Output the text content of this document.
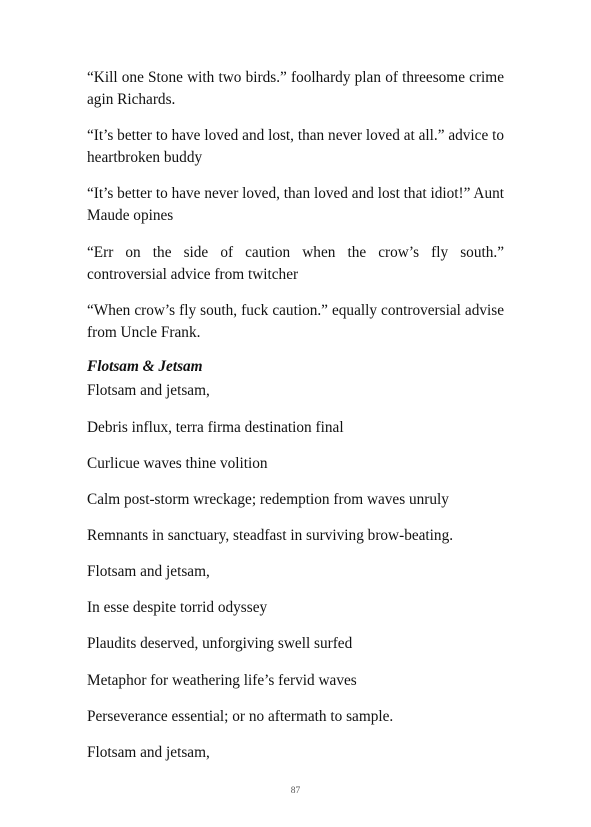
“Kill one Stone with two birds.” foolhardy plan of threesome crime agin Richards.

“It’s better to have loved and lost, than never loved at all.” advice to heartbroken buddy

“It’s better to have never loved, than loved and lost that idiot!” Aunt Maude opines

“Err on the side of caution when the crow’s fly south.” controversial advice from twitcher

“When crow’s fly south, fuck caution.” equally controversial advise from Uncle Frank.

Flotsam & Jetsam

Flotsam and jetsam,

Debris influx, terra firma destination final

Curlicue waves thine volition

Calm post-storm wreckage; redemption from waves unruly

Remnants in sanctuary, steadfast in surviving brow-beating.

Flotsam and jetsam,

In esse despite torrid odyssey

Plaudits deserved, unforgiving swell surfed

Metaphor for weathering life’s fervid waves

Perseverance essential; or no aftermath to sample.

Flotsam and jetsam,

87
